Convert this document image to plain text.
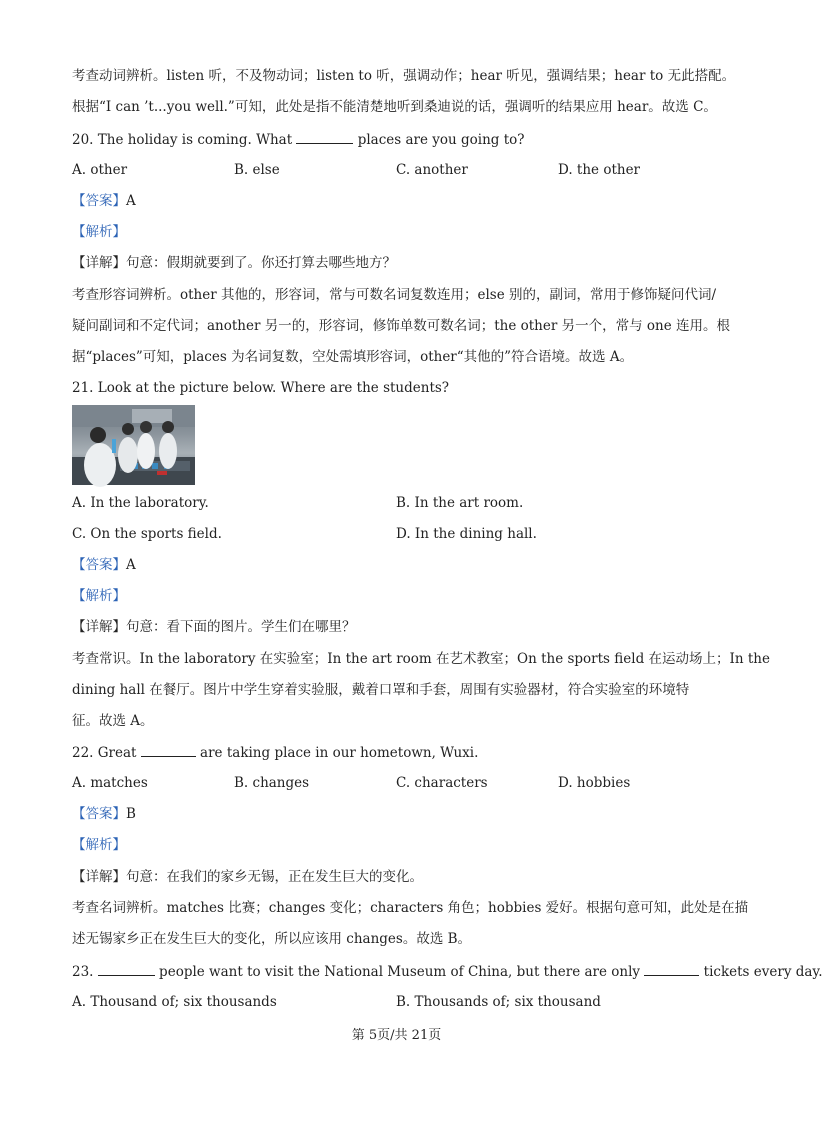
考查动词辨析。listen 听，不及物动词；listen to 听，强调动作；hear 听见，强调结果；hear to 无此搭配。
根据“I can ’t...you well.”可知，此处是指不能清楚地听到桑迪说的话，强调听的结果应用 hear。故选 C。
20. The holiday is coming. What	places are you going to?
A. other	B. else	C. another	D. the other
【答案】A
【解析】
【详解】句意：假期就要到了。你还打算去哪些地方？
考查形容词辨析。other 其他的，形容词，常与可数名词复数连用；else 别的，副词，常用于修饰疑问代词/
疑问副词和不定代词；another 另一的，形容词，修饰单数可数名词；the other 另一个，常与 one 连用。根
据“places”可知，places 为名词复数，空处需填形容词，other“其他的”符合语境。故选 A。
21. Look at the picture below. Where are the students?
A. In the laboratory.	B. In the art room.
C. On the sports field.	D. In the dining hall.
【答案】A
【解析】
【详解】句意：看下面的图片。学生们在哪里？
考查常识。In the laboratory 在实验室；In the art room 在艺术教室；On the sports field 在运动场上；In the
dining hall 在餐厅。图片中学生穿着实验服，戴着口罩和手套，周围有实验器材，符合实验室的环境特
征。故选 A。
22. Great	are taking place in our hometown, Wuxi.
A. matches	B. changes	C. characters	D. hobbies
【答案】B
【解析】
【详解】句意：在我们的家乡无锡，正在发生巨大的变化。
考查名词辨析。matches 比赛；changes 变化；characters 角色；hobbies 爱好。根据句意可知，此处是在描
述无锡家乡正在发生巨大的变化，所以应该用 changes。故选 B。
23.	people want to visit the National Museum of China, but there are only	tickets every day.
A. Thousand of; six thousands	B. Thousands of; six thousand
第 5页/共 21页
